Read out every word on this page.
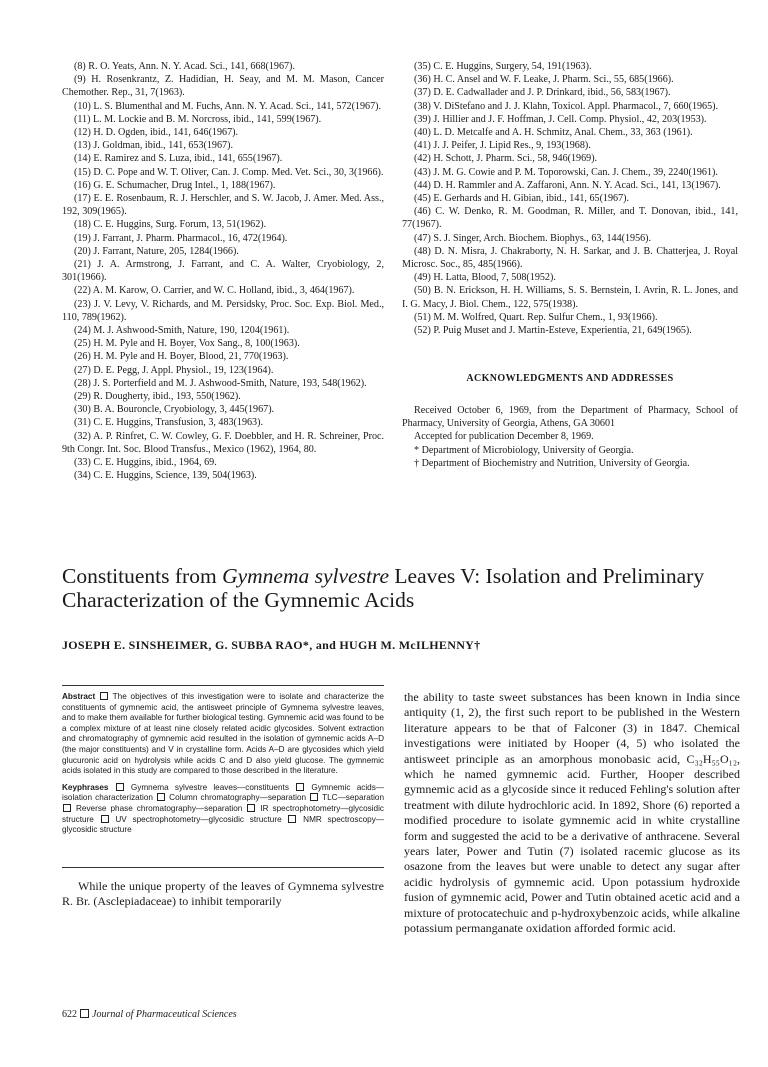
(8) R. O. Yeats, Ann. N. Y. Acad. Sci., 141, 668(1967).

(9) H. Rosenkrantz, Z. Hadidian, H. Seay, and M. M. Mason, Cancer Chemother. Rep., 31, 7(1963).

(10) L. S. Blumenthal and M. Fuchs, Ann. N. Y. Acad. Sci., 141, 572(1967).

(11) L. M. Lockie and B. M. Norcross, ibid., 141, 599(1967).

(12) H. D. Ogden, ibid., 141, 646(1967).

(13) J. Goldman, ibid., 141, 653(1967).

(14) E. Ramirez and S. Luza, ibid., 141, 655(1967).

(15) D. C. Pope and W. T. Oliver, Can. J. Comp. Med. Vet. Sci., 30, 3(1966).

(16) G. E. Schumacher, Drug Intel., 1, 188(1967).

(17) E. E. Rosenbaum, R. J. Herschler, and S. W. Jacob, J. Amer. Med. Ass., 192, 309(1965).

(18) C. E. Huggins, Surg. Forum, 13, 51(1962).

(19) J. Farrant, J. Pharm. Pharmacol., 16, 472(1964).

(20) J. Farrant, Nature, 205, 1284(1966).

(21) J. A. Armstrong, J. Farrant, and C. A. Walter, Cryobiology, 2, 301(1966).

(22) A. M. Karow, O. Carrier, and W. C. Holland, ibid., 3, 464(1967).

(23) J. V. Levy, V. Richards, and M. Persidsky, Proc. Soc. Exp. Biol. Med., 110, 789(1962).

(24) M. J. Ashwood-Smith, Nature, 190, 1204(1961).

(25) H. M. Pyle and H. Boyer, Vox Sang., 8, 100(1963).

(26) H. M. Pyle and H. Boyer, Blood, 21, 770(1963).

(27) D. E. Pegg, J. Appl. Physiol., 19, 123(1964).

(28) J. S. Porterfield and M. J. Ashwood-Smith, Nature, 193, 548(1962).

(29) R. Dougherty, ibid., 193, 550(1962).

(30) B. A. Bouroncle, Cryobiology, 3, 445(1967).

(31) C. E. Huggins, Transfusion, 3, 483(1963).

(32) A. P. Rinfret, C. W. Cowley, G. F. Doebbler, and H. R. Schreiner, Proc. 9th Congr. Int. Soc. Blood Transfus., Mexico (1962), 1964, 80.

(33) C. E. Huggins, ibid., 1964, 69.

(34) C. E. Huggins, Science, 139, 504(1963).

(35) C. E. Huggins, Surgery, 54, 191(1963).

(36) H. C. Ansel and W. F. Leake, J. Pharm. Sci., 55, 685(1966).

(37) D. E. Cadwallader and J. P. Drinkard, ibid., 56, 583(1967).

(38) V. DiStefano and J. J. Klahn, Toxicol. Appl. Pharmacol., 7, 660(1965).

(39) J. Hillier and J. F. Hoffman, J. Cell. Comp. Physiol., 42, 203(1953).

(40) L. D. Metcalfe and A. H. Schmitz, Anal. Chem., 33, 363 (1961).

(41) J. J. Peifer, J. Lipid Res., 9, 193(1968).

(42) H. Schott, J. Pharm. Sci., 58, 946(1969).

(43) J. M. G. Cowie and P. M. Toporowski, Can. J. Chem., 39, 2240(1961).

(44) D. H. Rammler and A. Zaffaroni, Ann. N. Y. Acad. Sci., 141, 13(1967).

(45) E. Gerhards and H. Gibian, ibid., 141, 65(1967).

(46) C. W. Denko, R. M. Goodman, R. Miller, and T. Donovan, ibid., 141, 77(1967).

(47) S. J. Singer, Arch. Biochem. Biophys., 63, 144(1956).

(48) D. N. Misra, J. Chakraborty, N. H. Sarkar, and J. B. Chatterjea, J. Royal Microsc. Soc., 85, 485(1966).

(49) H. Latta, Blood, 7, 508(1952).

(50) B. N. Erickson, H. H. Williams, S. S. Bernstein, I. Avrin, R. L. Jones, and I. G. Macy, J. Biol. Chem., 122, 575(1938).

(51) M. M. Wolfred, Quart. Rep. Sulfur Chem., 1, 93(1966).

(52) P. Puig Muset and J. Martin-Esteve, Experientia, 21, 649(1965).

ACKNOWLEDGMENTS AND ADDRESSES

Received October 6, 1969, from the Department of Pharmacy, School of Pharmacy, University of Georgia, Athens, GA 30601

Accepted for publication December 8, 1969.

* Department of Microbiology, University of Georgia.

† Department of Biochemistry and Nutrition, University of Georgia.

Constituents from Gymnema sylvestre Leaves V: Isolation and Preliminary Characterization of the Gymnemic Acids
JOSEPH E. SINSHEIMER, G. SUBBA RAO*, and HUGH M. McILHENNY†

Abstract The objectives of this investigation were to isolate and characterize the constituents of gymnemic acid, the antisweet principle of Gymnema sylvestre leaves, and to make them available for further biological testing. Gymnemic acid was found to be a complex mixture of at least nine closely related acidic glycosides. Solvent extraction and chromatography of gymnemic acid resulted in the isolation of gymnemic acids A–D (the major constituents) and V in crystalline form. Acids A–D are glycosides which yield glucuronic acid on hydrolysis while acids C and D also yield glucose. The gymnemic acids isolated in this study are compared to those described in the literature.

Keyphrases	Gymnema sylvestre leaves—constituents	Gymnemic acids—isolation characterization Column chromatography—separation TLC—separation  Reverse phase chromatography—separation IR spectrophotometry—glycosidic structure	UV spectrophotometry—glycosidic structure	NMR spectroscopy—glycosidic structure

While the unique property of the leaves of Gymnema sylvestre R. Br. (Asclepiadaceae) to inhibit temporarily

the ability to taste sweet substances has been known in India since antiquity (1, 2), the first such report to be published in the Western literature appears to be that of Falconer (3) in 1847. Chemical investigations were initiated by Hooper (4, 5) who isolated the antisweet principle as an amorphous monobasic acid, C₃₂H₅₅O₁₂, which he named gymnemic acid. Further, Hooper described gymnemic acid as a glycoside since it reduced Fehling's solution after treatment with dilute hydrochloric acid. In 1892, Shore (6) reported a modified procedure to isolate gymnemic acid in white crystalline form and suggested the acid to be a derivative of anthracene. Several years later, Power and Tutin (7) isolated racemic glucose as its osazone from the leaves but were unable to detect any sugar after acidic hydrolysis of gymnemic acid. Upon potassium hydroxide fusion of gymnemic acid, Power and Tutin obtained acetic acid and a mixture of protocatechuic and p-hydroxybenzoic acids, while alkaline potassium permanganate oxidation afforded formic acid.

622 Journal of Pharmaceutical Sciences
